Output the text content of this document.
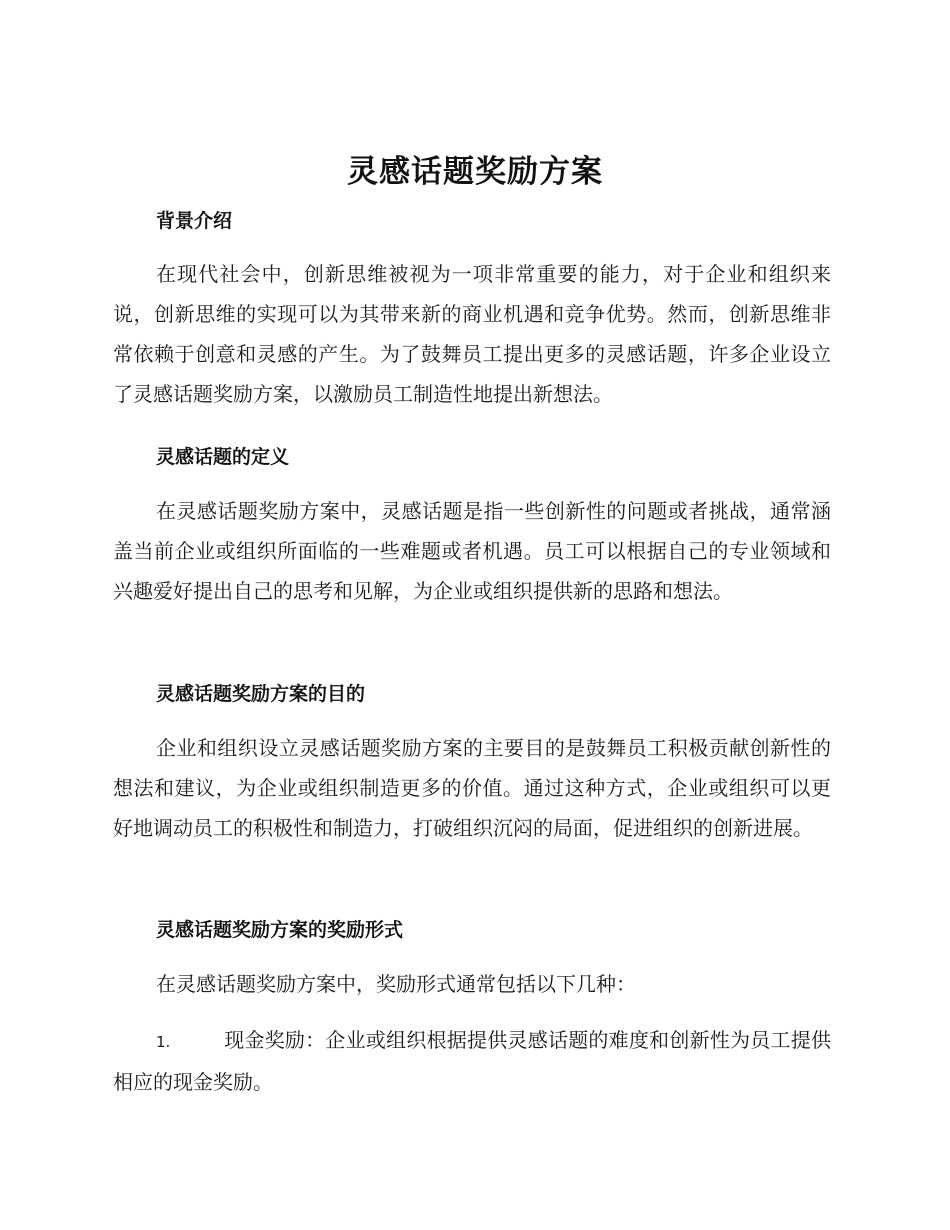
灵感话题奖励方案
背景介绍

在现代社会中，创新思维被视为一项非常重要的能力，对于企业和组织来说，创新思维的实现可以为其带来新的商业机遇和竞争优势。然而，创新思维非常依赖于创意和灵感的产生。为了鼓舞员工提出更多的灵感话题，许多企业设立了灵感话题奖励方案，以激励员工制造性地提出新想法。

灵感话题的定义

在灵感话题奖励方案中，灵感话题是指一些创新性的问题或者挑战，通常涵盖当前企业或组织所面临的一些难题或者机遇。员工可以根据自己的专业领域和兴趣爱好提出自己的思考和见解，为企业或组织提供新的思路和想法。

灵感话题奖励方案的目的

企业和组织设立灵感话题奖励方案的主要目的是鼓舞员工积极贡献创新性的想法和建议，为企业或组织制造更多的价值。通过这种方式，企业或组织可以更好地调动员工的积极性和制造力，打破组织沉闷的局面，促进组织的创新进展。

灵感话题奖励方案的奖励形式

在灵感话题奖励方案中，奖励形式通常包括以下几种：

1.	现金奖励：企业或组织根据提供灵感话题的难度和创新性为员工提供相应的现金奖励。
